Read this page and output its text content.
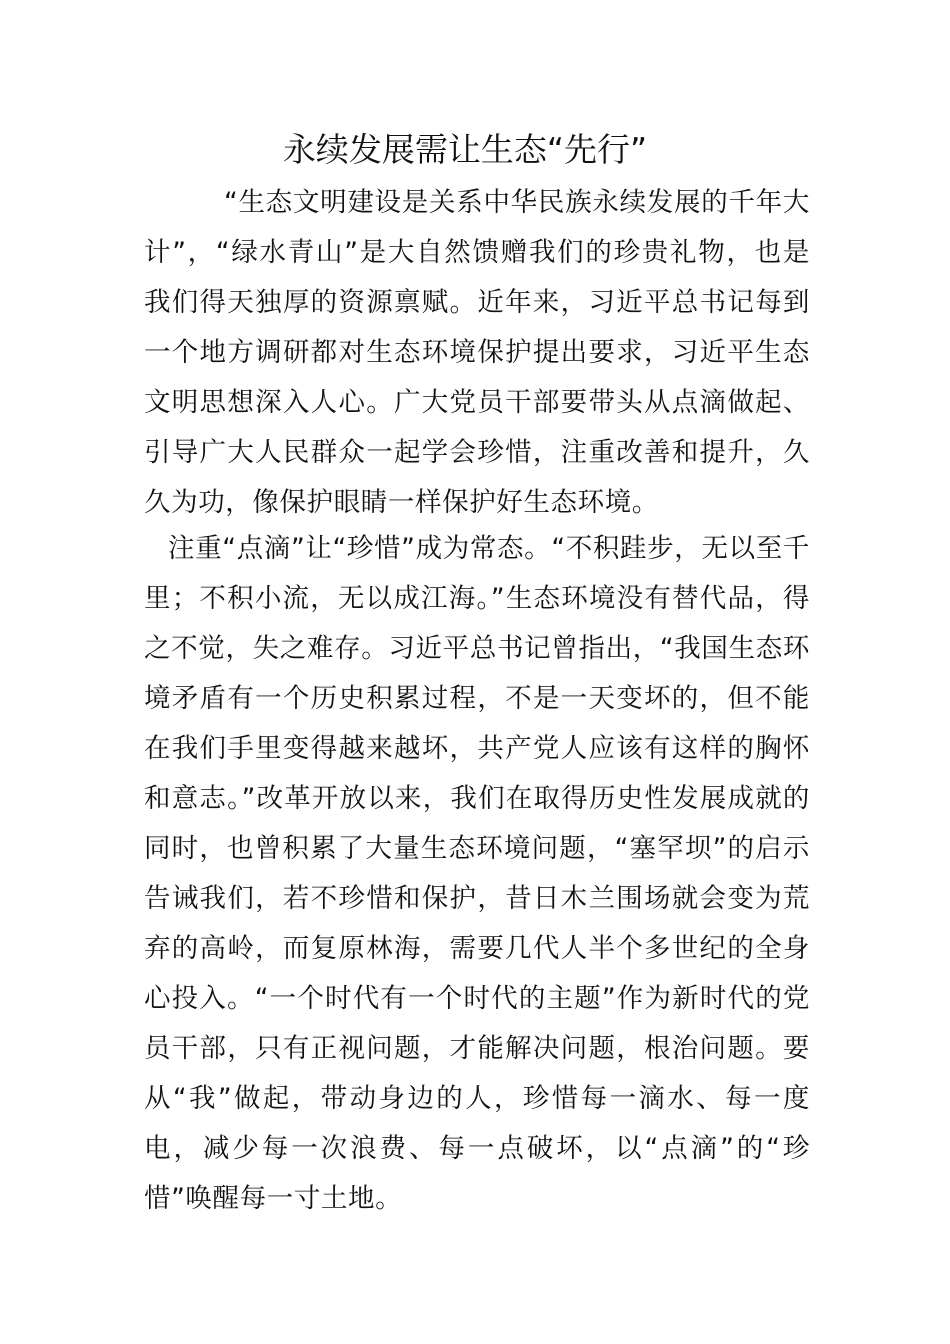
永续发展需让生态“先行”

“生态文明建设是关系中华民族永续发展的千年大计”，“绿水青山”是大自然馈赠我们的珍贵礼物，也是我们得天独厚的资源禀赋。近年来，习近平总书记每到一个地方调研都对生态环境保护提出要求，习近平生态文明思想深入人心。广大党员干部要带头从点滴做起、引导广大人民群众一起学会珍惜，注重改善和提升，久久为功，像保护眼睛一样保护好生态环境。

注重“点滴”让“珍惜”成为常态。“不积跬步，无以至千里；不积小流，无以成江海。”生态环境没有替代品，得之不觉，失之难存。习近平总书记曾指出，“我国生态环境矛盾有一个历史积累过程，不是一天变坏的，但不能在我们手里变得越来越坏，共产党人应该有这样的胸怀和意志。”改革开放以来，我们在取得历史性发展成就的同时，也曾积累了大量生态环境问题，“塞罕坝”的启示告诫我们，若不珍惜和保护，昔日木兰围场就会变为荒弃的高岭，而复原林海，需要几代人半个多世纪的全身心投入。“一个时代有一个时代的主题”作为新时代的党员干部，只有正视问题，才能解决问题，根治问题。要从“我”做起，带动身边的人，珍惜每一滴水、每一度电，减少每一次浪费、每一点破坏，以“点滴”的“珍惜”唤醒每一寸土地。
